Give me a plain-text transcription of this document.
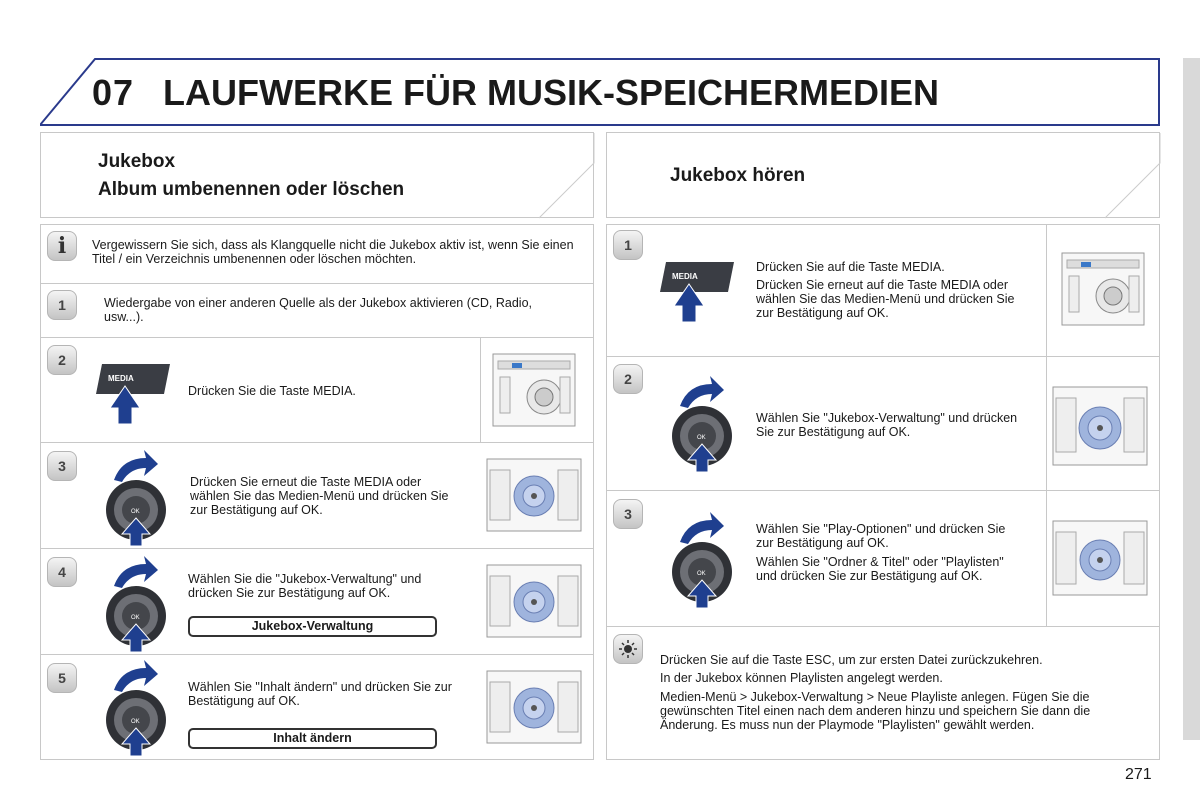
07 LAUFWERKE FÜR MUSIK-SPEICHERMEDIEN
Jukebox
Album umbenennen oder löschen
i	Vergewissern Sie sich, dass als Klangquelle nicht die Jukebox aktiv ist, wenn Sie einen Titel / ein Verzeichnis umbenennen oder löschen möchten.
1	Wiedergabe von einer anderen Quelle als der Jukebox aktivieren (CD, Radio, usw...).
2
MEDIA
Drücken Sie die Taste MEDIA.
3
OK
Drücken Sie erneut die Taste MEDIA oder wählen Sie das Medien-Menü und drücken Sie zur Bestätigung auf OK.
4
OK
Wählen Sie die "Jukebox-Verwaltung" und drücken Sie zur Bestätigung auf OK.
Jukebox-Verwaltung
5
OK
Wählen Sie "Inhalt ändern" und drücken Sie zur Bestätigung auf OK.
Inhalt ändern
Jukebox hören
1
MEDIA
Drücken Sie auf die Taste MEDIA.
Drücken Sie erneut auf die Taste MEDIA oder wählen Sie das Medien-Menü und drücken Sie zur Bestätigung auf OK.
2
OK
Wählen Sie "Jukebox-Verwaltung" und drücken Sie zur Bestätigung auf OK.
3
OK
Wählen Sie "Play-Optionen" und drücken Sie zur Bestätigung auf OK.
Wählen Sie "Ordner & Titel" oder "Playlisten" und drücken Sie zur Bestätigung auf OK.
Drücken Sie auf die Taste ESC, um zur ersten Datei zurückzukehren.
In der Jukebox können Playlisten angelegt werden.
Medien-Menü > Jukebox-Verwaltung > Neue Playliste anlegen. Fügen Sie die gewünschten Titel einen nach dem anderen hinzu und speichern Sie dann die Änderung. Es muss nun der Playmode "Playlisten" gewählt werden.
271
